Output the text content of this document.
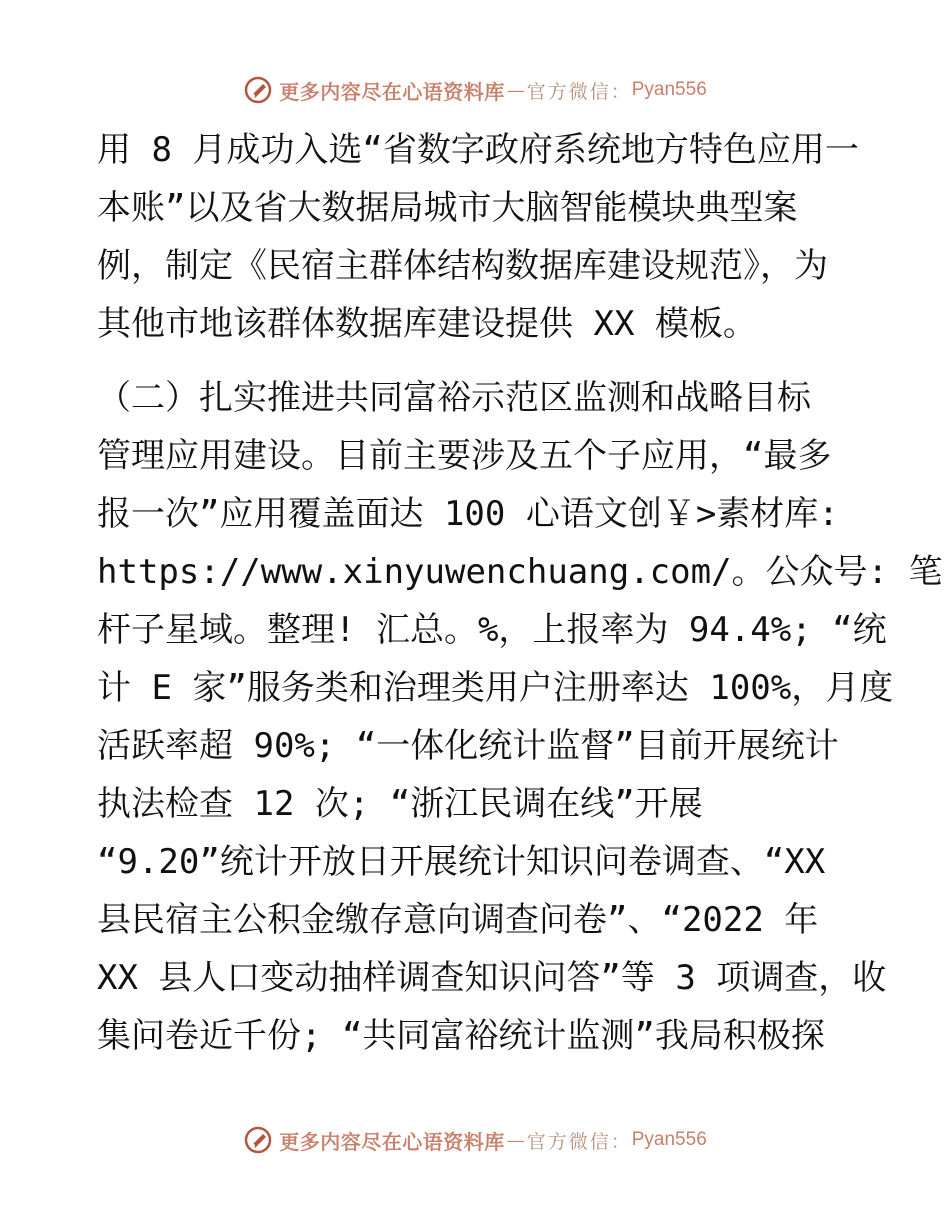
更多内容尽在心语资料库 — 官方微信： Pyan556
用 8 月成功入选“省数字政府系统地方特色应用一
本账”以及省大数据局城市大脑智能模块典型案
例，制定《民宿主群体结构数据库建设规范》，为
其他市地该群体数据库建设提供 XX 模板。
（二）扎实推进共同富裕示范区监测和战略目标
管理应用建设。目前主要涉及五个子应用，“最多
报一次”应用覆盖面达 100 心语文创￥>素材库:
https://www.xinyuwenchuang.com/。公众号: 笔
杆子星域。整理! 汇总。%，上报率为 94.4%; “统
计 E 家”服务类和治理类用户注册率达 100%，月度
活跃率超 90%; “一体化统计监督”目前开展统计
执法检查 12 次; “浙江民调在线”开展
“9.20”统计开放日开展统计知识问卷调查、“XX
县民宿主公积金缴存意向调查问卷”、“2022 年
XX 县人口变动抽样调查知识问答”等 3 项调查，收
集问卷近千份; “共同富裕统计监测”我局积极探
更多内容尽在心语资料库 — 官方微信： Pyan556
